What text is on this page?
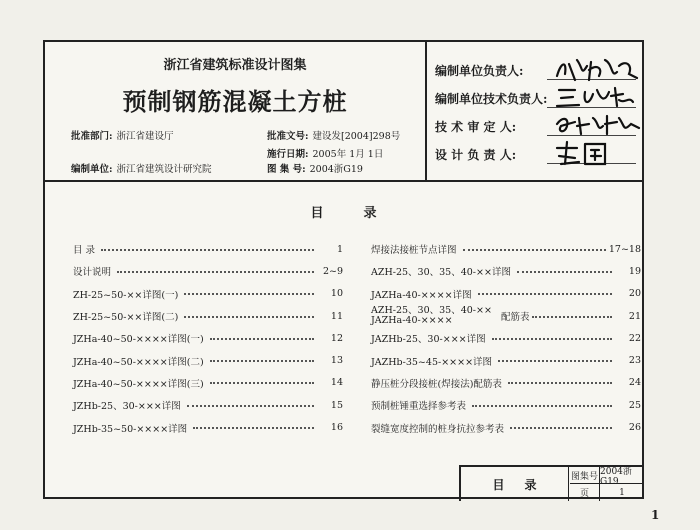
浙江省建筑标准设计图集
预制钢筋混凝土方桩
批准部门: 浙江省建设厅	批准文号: 建设发[2004]298号
施行日期: 2005年 1月 1日
编制单位: 浙江省建筑设计研究院	图 集 号: 2004浙G19
编制单位负责人:
编制单位技术负责人:
技 术 审 定 人:
设 计 负 责 人:
目录
目 录	1
设计说明	2~9
ZH-25~50-××详图(一)	10
ZH-25~50-××详图(二)	11
JZHa-40~50-××××详图(一)	12
JZHa-40~50-××××详图(二)	13
JZHa-40~50-××××详图(三)	14
JZHb-25、30-×××详图	15
JZHb-35~50-××××详图	16
焊接法接桩节点详图	17~18
AZH-25、30、35、40-××详图	19
JAZHa-40-××××详图	20
AZH-25、30、35、40-××
JAZHa-40-××××	配筋表	21
JAZHb-25、30-×××详图	22
JAZHb-35~45-××××详图	23
静压桩分段接桩(焊接法)配筋表	24
预制桩锤重选择参考表	25
裂缝宽度控制的桩身抗拉参考表	26
目录
图集号 2004浙G19
页	1
1
